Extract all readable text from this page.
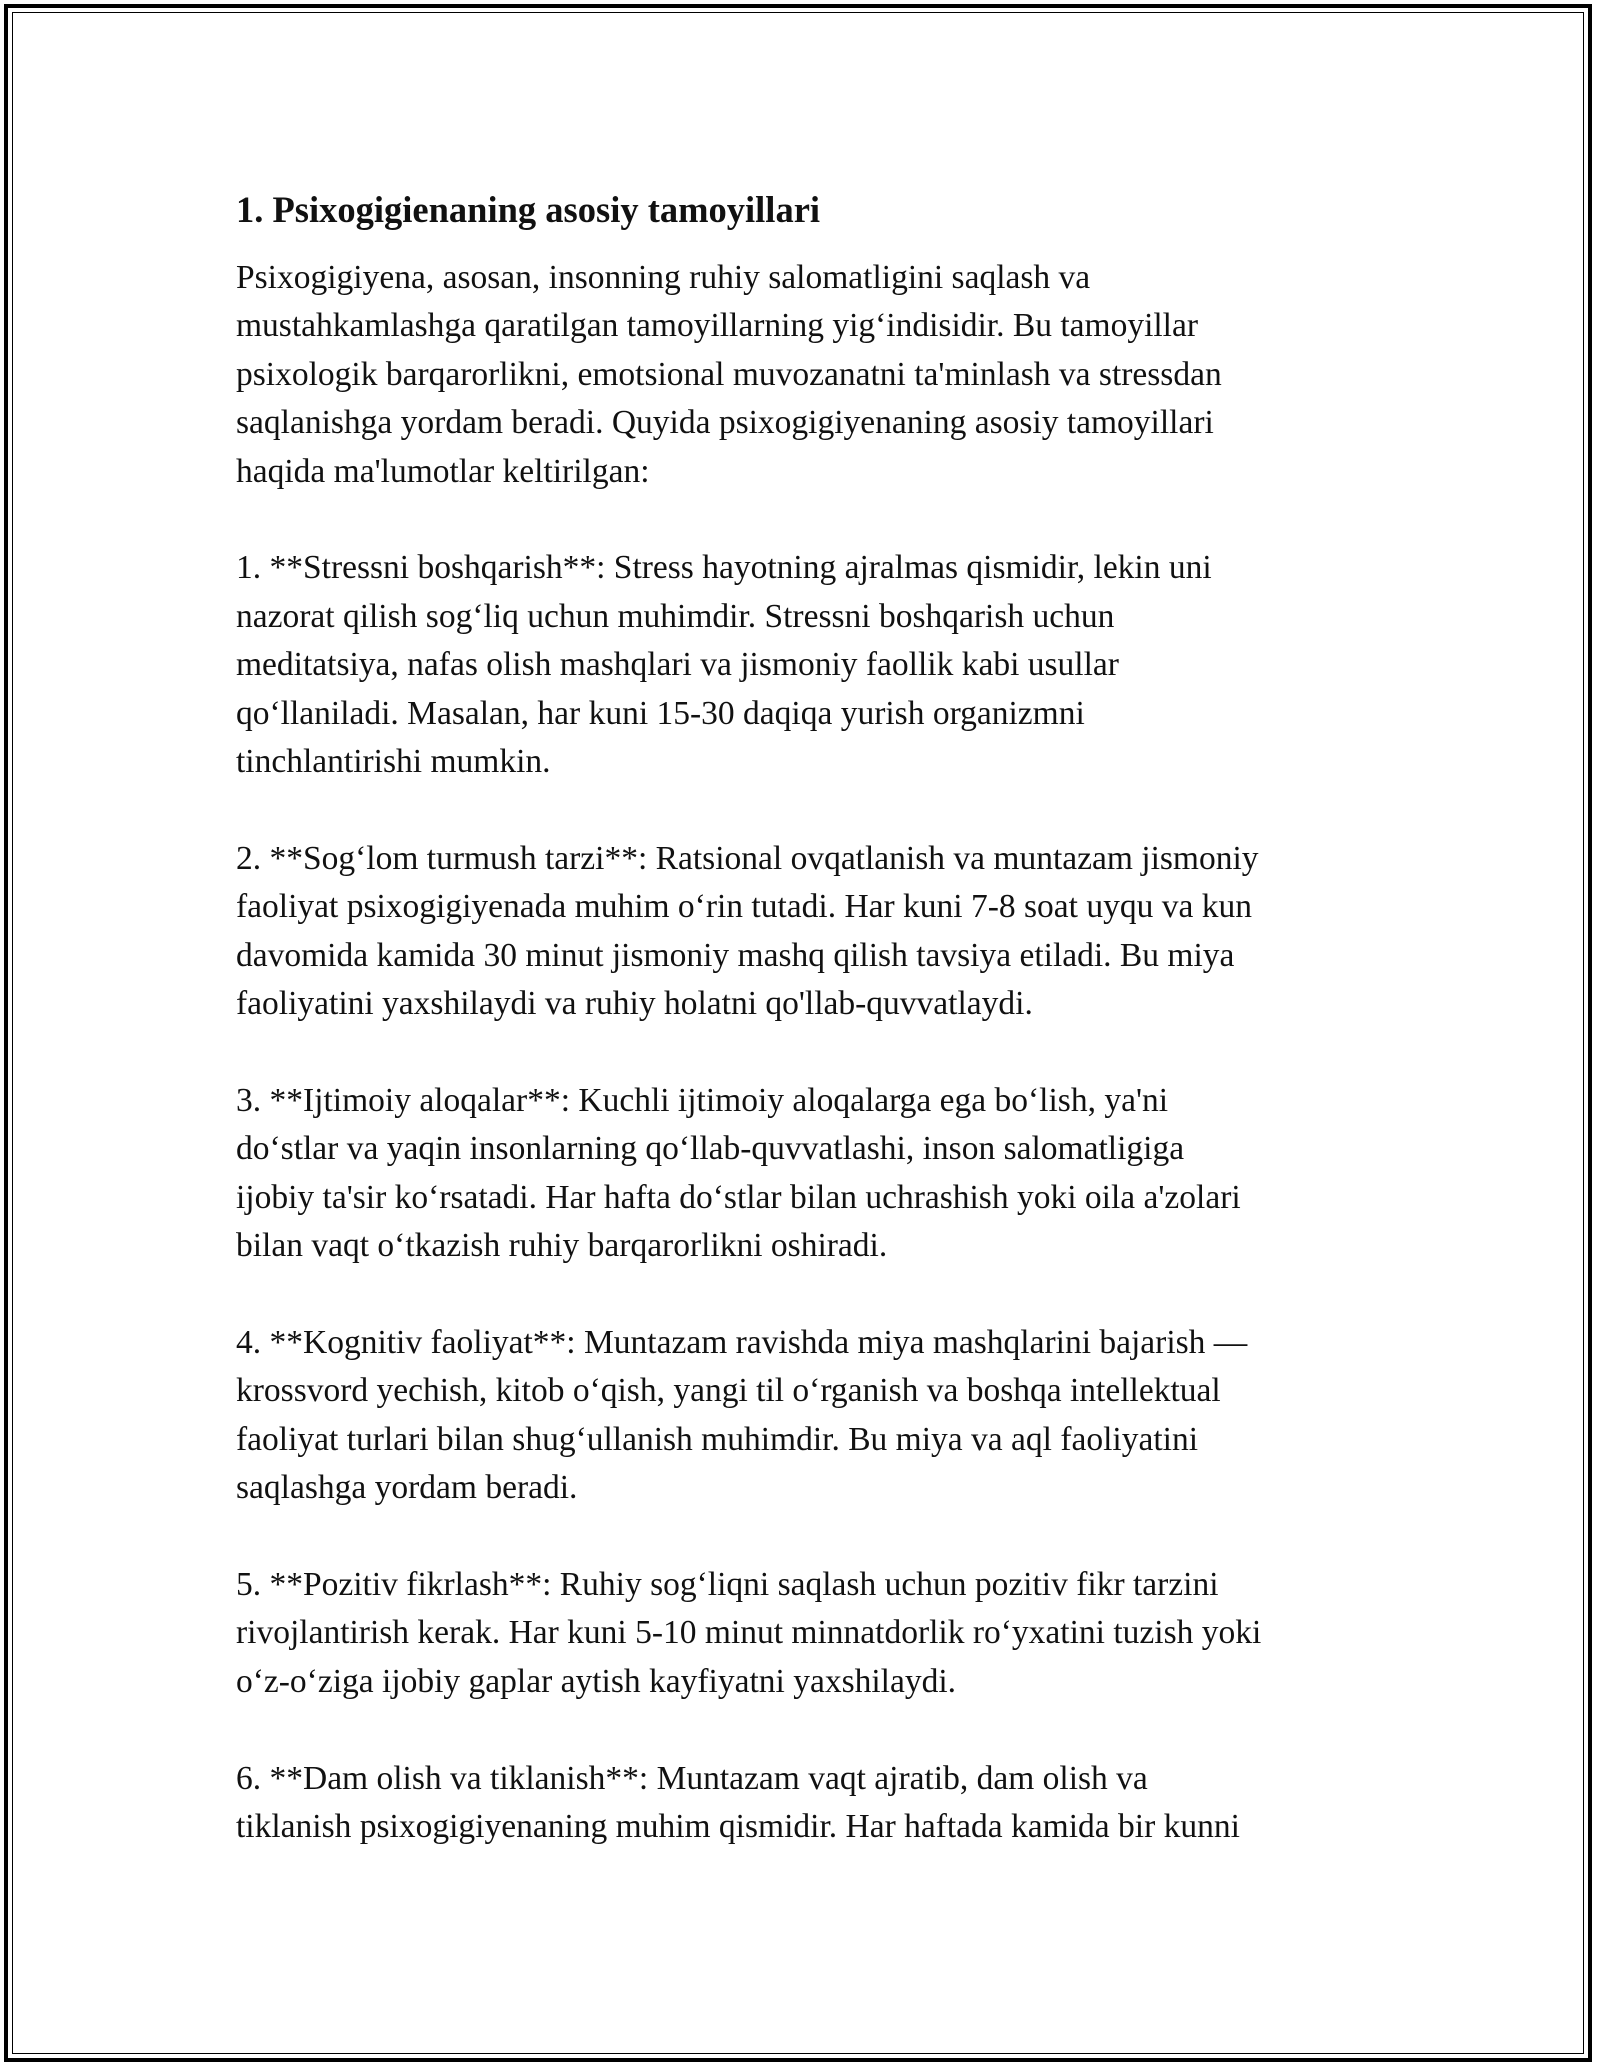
1. Psixogigienaning asosiy tamoyillari
Psixogigiyena, asosan, insonning ruhiy salomatligini saqlash va
mustahkamlashga qaratilgan tamoyillarning yig‘indisidir. Bu tamoyillar
psixologik barqarorlikni, emotsional muvozanatni ta'minlash va stressdan
saqlanishga yordam beradi. Quyida psixogigiyenaning asosiy tamoyillari
haqida ma'lumotlar keltirilgan:
1. **Stressni boshqarish**: Stress hayotning ajralmas qismidir, lekin uni
nazorat qilish sog‘liq uchun muhimdir. Stressni boshqarish uchun
meditatsiya, nafas olish mashqlari va jismoniy faollik kabi usullar
qo‘llaniladi. Masalan, har kuni 15-30 daqiqa yurish organizmni
tinchlantirishi mumkin.
2. **Sog‘lom turmush tarzi**: Ratsional ovqatlanish va muntazam jismoniy
faoliyat psixogigiyenada muhim o‘rin tutadi. Har kuni 7-8 soat uyqu va kun
davomida kamida 30 minut jismoniy mashq qilish tavsiya etiladi. Bu miya
faoliyatini yaxshilaydi va ruhiy holatni qo'llab-quvvatlaydi.
3. **Ijtimoiy aloqalar**: Kuchli ijtimoiy aloqalarga ega bo‘lish, ya'ni
do‘stlar va yaqin insonlarning qo‘llab-quvvatlashi, inson salomatligiga
ijobiy ta'sir ko‘rsatadi. Har hafta do‘stlar bilan uchrashish yoki oila a'zolari
bilan vaqt o‘tkazish ruhiy barqarorlikni oshiradi.
4. **Kognitiv faoliyat**: Muntazam ravishda miya mashqlarini bajarish —
krossvord yechish, kitob o‘qish, yangi til o‘rganish va boshqa intellektual
faoliyat turlari bilan shug‘ullanish muhimdir. Bu miya va aql faoliyatini
saqlashga yordam beradi.
5. **Pozitiv fikrlash**: Ruhiy sog‘liqni saqlash uchun pozitiv fikr tarzini
rivojlantirish kerak. Har kuni 5-10 minut minnatdorlik ro‘yxatini tuzish yoki
o‘z-o‘ziga ijobiy gaplar aytish kayfiyatni yaxshilaydi.
6. **Dam olish va tiklanish**: Muntazam vaqt ajratib, dam olish va
tiklanish psixogigiyenaning muhim qismidir. Har haftada kamida bir kunni
